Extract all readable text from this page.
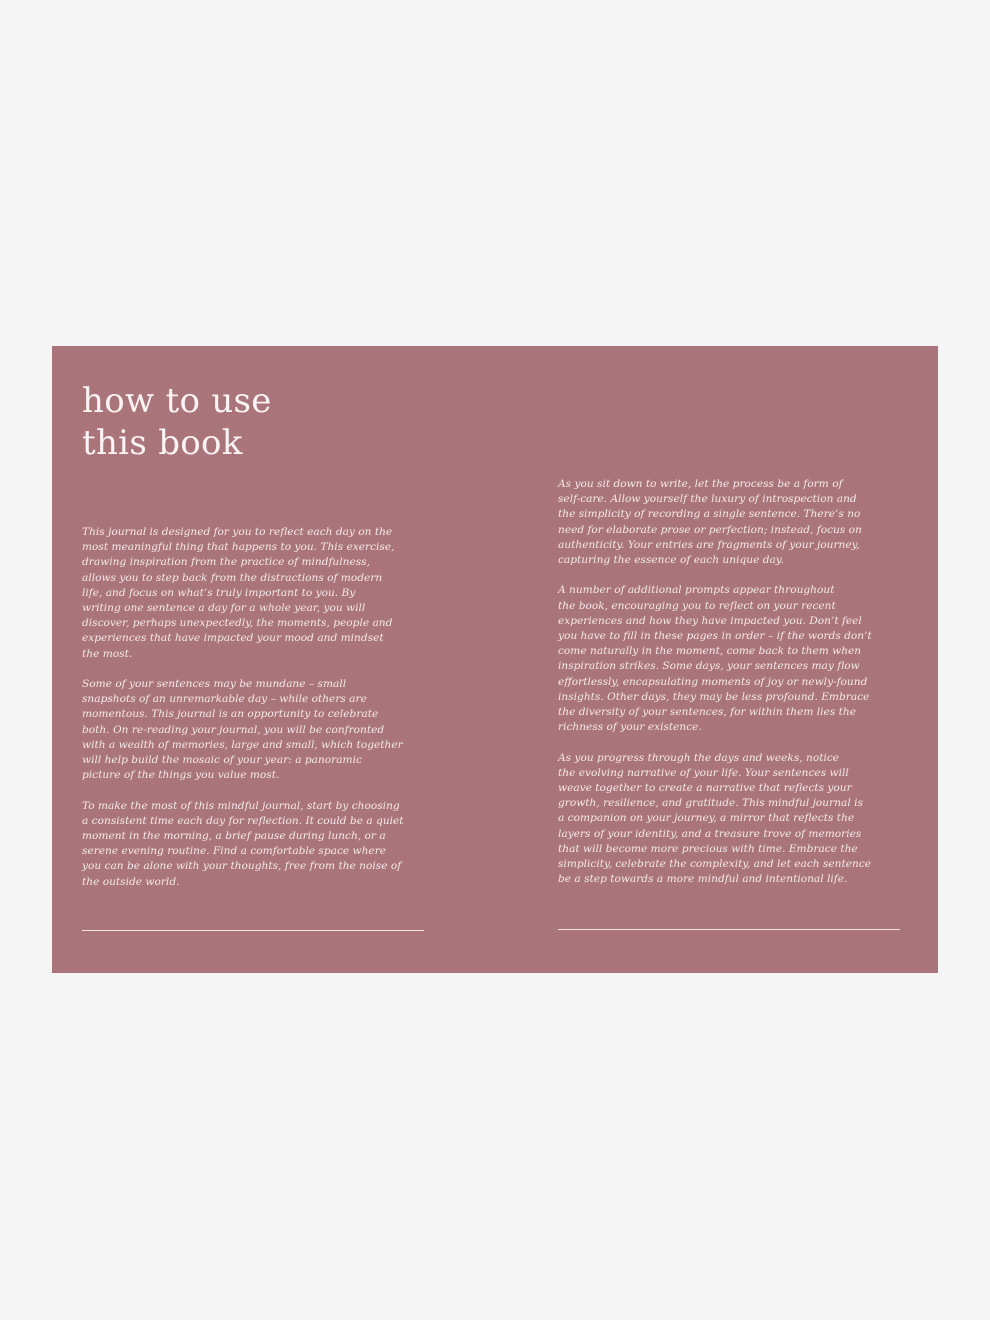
how to use
this book

This journal is designed for you to reflect each day on the
most meaningful thing that happens to you. This exercise,
drawing inspiration from the practice of mindfulness,
allows you to step back from the distractions of modern
life, and focus on what’s truly important to you. By
writing one sentence a day for a whole year, you will
discover, perhaps unexpectedly, the moments, people and
experiences that have impacted your mood and mindset
the most.

Some of your sentences may be mundane – small
snapshots of an unremarkable day – while others are
momentous. This journal is an opportunity to celebrate
both. On re-reading your journal, you will be confronted
with a wealth of memories, large and small, which together
will help build the mosaic of your year: a panoramic
picture of the things you value most.

To make the most of this mindful journal, start by choosing
a consistent time each day for reflection. It could be a quiet
moment in the morning, a brief pause during lunch, or a
serene evening routine. Find a comfortable space where
you can be alone with your thoughts, free from the noise of
the outside world.

As you sit down to write, let the process be a form of
self-care. Allow yourself the luxury of introspection and
the simplicity of recording a single sentence. There’s no
need for elaborate prose or perfection; instead, focus on
authenticity. Your entries are fragments of your journey,
capturing the essence of each unique day.

A number of additional prompts appear throughout
the book, encouraging you to reflect on your recent
experiences and how they have impacted you. Don’t feel
you have to fill in these pages in order – if the words don’t
come naturally in the moment, come back to them when
inspiration strikes. Some days, your sentences may flow
effortlessly, encapsulating moments of joy or newly-found
insights. Other days, they may be less profound. Embrace
the diversity of your sentences, for within them lies the
richness of your existence.

As you progress through the days and weeks, notice
the evolving narrative of your life. Your sentences will
weave together to create a narrative that reflects your
growth, resilience, and gratitude. This mindful journal is
a companion on your journey, a mirror that reflects the
layers of your identity, and a treasure trove of memories
that will become more precious with time. Embrace the
simplicity, celebrate the complexity, and let each sentence
be a step towards a more mindful and intentional life.
